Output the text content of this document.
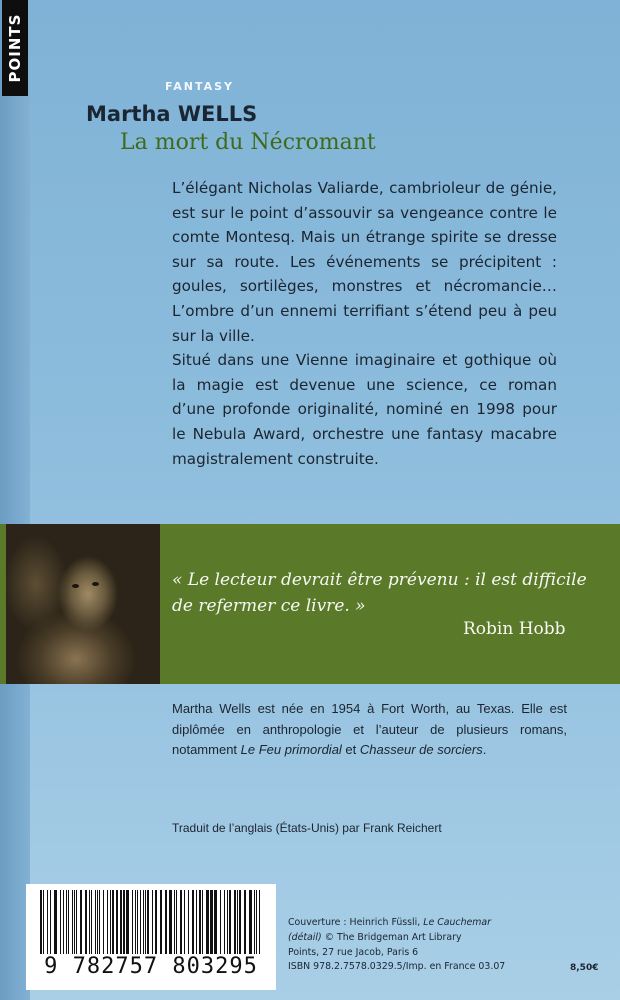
POINTS
FANTASY
Martha WELLS
La mort du Nécromant

L’élégant Nicholas Valiarde, cambrioleur de génie, est sur le point d’assouvir sa vengeance contre le comte Montesq. Mais un étrange spirite se dresse sur sa route. Les événements se précipitent : goules, sortilèges, monstres et nécromancie… L’ombre d’un ennemi terrifiant s’étend peu à peu sur la ville.

Situé dans une Vienne imaginaire et gothique où la magie est devenue une science, ce roman d’une profonde originalité, nominé en 1998 pour le Nebula Award, orchestre une fantasy macabre magistralement construite.

« Le lecteur devrait être prévenu : il est difficile de refermer ce livre. »
Robin Hobb
Martha Wells est née en 1954 à Fort Worth, au Texas. Elle est diplômée en anthropologie et l’auteur de plusieurs romans, notamment Le Feu primordial et Chasseur de sorciers.
Traduit de l’anglais (États-Unis) par Frank Reichert
9 782757 803295
Couverture : Heinrich Füssli, Le Cauchemar
(détail) © The Bridgeman Art Library
Points, 27 rue Jacob, Paris 6
ISBN 978.2.7578.0329.5/Imp. en France 03.07	8,50€
